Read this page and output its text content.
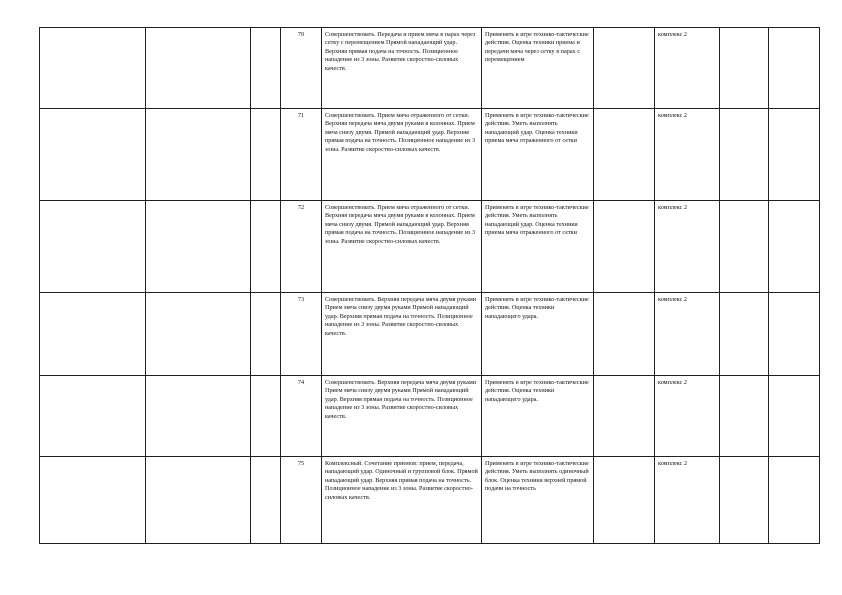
			70	Совершенствовать. Передача и прием мяча в парах через сетку с перемещением Прямой нападающий удар. Верхняя прямая подача на точность. Позиционное нападение из 3 зоны. Развитие скоростно-силовых качеств.	Применять в игре технико-тактические действия. Оценка техники приема и передачи мяча через сетку в парах с перемещением		комплекс 2		

			71	Совершенствовать. Прием мяча отраженного от сетки. Верхняя передача мяча двумя руками в колоннах. Прием мяча снизу двумя. Прямой нападающий удар. Верхняя прямая подача на точность. Позиционное нападение из 3 зоны. Развитие скоростно-силовых качеств.	Применять в игре технико-тактические действия. Уметь выполнять нападающий удар. Оценка техники приема мяча отраженного от сетки		комплекс 2		

			72	Совершенствовать. Прием мяча отраженного от сетки. Верхняя передача мяча двумя руками в колоннах. Прием мяча снизу двумя. Прямой нападающий удар. Верхняя прямая подача на точность. Позиционное нападение из 3 зоны. Развитие скоростно-силовых качеств.	Применять в игре технико-тактические действия. Уметь выполнять нападающий удар. Оценка техники приема мяча отраженного от сетки		комплекс 2		

			73	Совершенствовать. Верхняя передача мяча двумя руками Прием мяча снизу двумя руками Прямой нападающий удар. Верхняя прямая подача на точность. Позиционное нападение из 3 зоны. Развитие скоростно-силовых качеств.	Применять в игре технико-тактические действия. Оценка техники нападающего удара.		комплекс 2		

			74	Совершенствовать. Верхняя передача мяча двумя руками Прием мяча снизу двумя руками Прямой нападающий удар. Верхняя прямая подача на точность. Позиционное нападение из 3 зоны. Развитие скоростно-силовых качеств.	Применять в игре технико-тактические действия. Оценка техники нападающего удара.		комплекс 2		

			75	Комплексный. Сочетание приемов: прием, передача, нападающий удар. Одиночный и групповой блок. Прямой нападающий удар. Верхняя прямая подача на точность. Позиционное нападение из 3 зоны. Развитие скоростно-силовых качеств.	Применять в игре технико-тактические действия. Уметь выполнять одиночный блок. Оценка техники верхней прямой подачи на точность		комплекс 2		
